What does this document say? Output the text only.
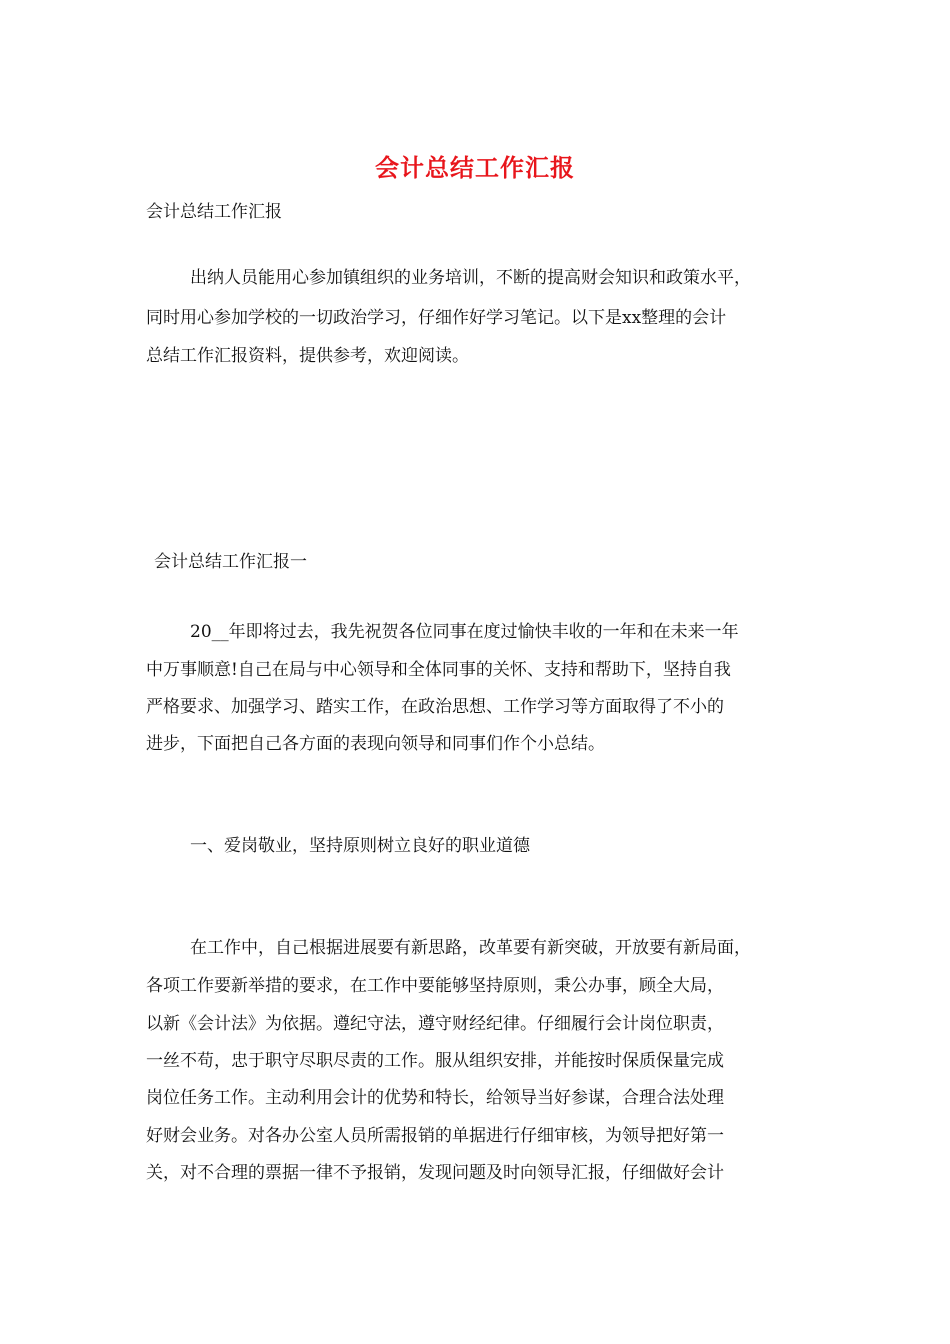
会计总结工作汇报
会计总结工作汇报
出纳人员能用心参加镇组织的业务培训，不断的提高财会知识和政策水平，
同时用心参加学校的一切政治学习，仔细作好学习笔记。以下是xx整理的会计
总结工作汇报资料，提供参考，欢迎阅读。
会计总结工作汇报一
20__年即将过去，我先祝贺各位同事在度过愉快丰收的一年和在未来一年
中万事顺意!自己在局与中心领导和全体同事的关怀、支持和帮助下，坚持自我
严格要求、加强学习、踏实工作，在政治思想、工作学习等方面取得了不小的
进步，下面把自己各方面的表现向领导和同事们作个小总结。
一、爱岗敬业，坚持原则树立良好的职业道德
在工作中，自己根据进展要有新思路，改革要有新突破，开放要有新局面，
各项工作要新举措的要求，在工作中要能够坚持原则，秉公办事，顾全大局，
以新《会计法》为依据。遵纪守法，遵守财经纪律。仔细履行会计岗位职责，
一丝不苟，忠于职守尽职尽责的工作。服从组织安排，并能按时保质保量完成
岗位任务工作。主动利用会计的优势和特长，给领导当好参谋，合理合法处理
好财会业务。对各办公室人员所需报销的单据进行仔细审核，为领导把好第一
关，对不合理的票据一律不予报销，发现问题及时向领导汇报，仔细做好会计
